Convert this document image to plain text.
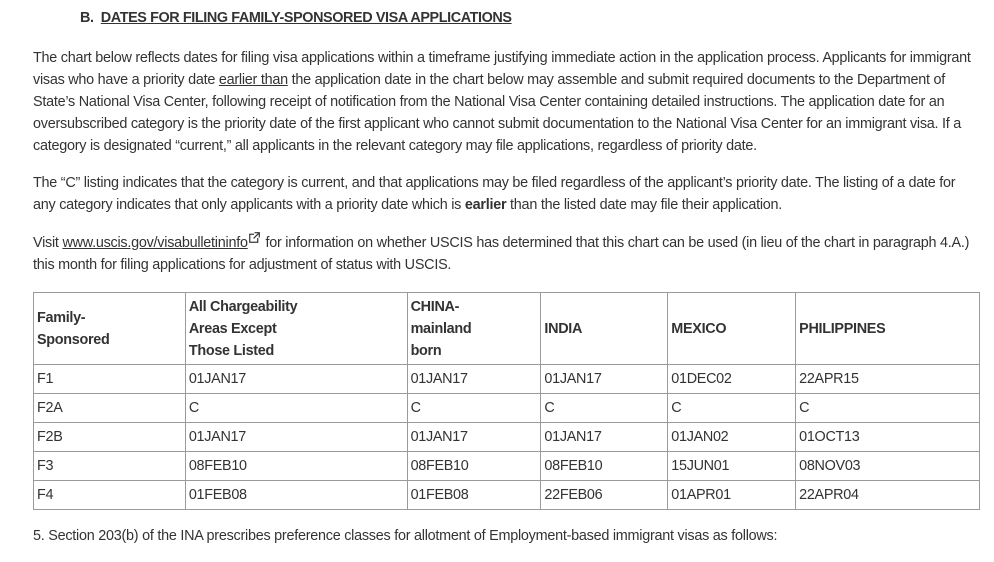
B. DATES FOR FILING FAMILY-SPONSORED VISA APPLICATIONS

The chart below reflects dates for filing visa applications within a timeframe justifying immediate action in the application process. Applicants for immigrant visas who have a priority date earlier than the application date in the chart below may assemble and submit required documents to the Department of State’s National Visa Center, following receipt of notification from the National Visa Center containing detailed instructions. The application date for an oversubscribed category is the priority date of the first applicant who cannot submit documentation to the National Visa Center for an immigrant visa. If a category is designated “current,” all applicants in the relevant category may file applications, regardless of priority date.

The “C” listing indicates that the category is current, and that applications may be filed regardless of the applicant’s priority date. The listing of a date for any category indicates that only applicants with a priority date which is earlier than the listed date may file their application.

Visit www.uscis.gov/visabulletininfo for information on whether USCIS has determined that this chart can be used (in lieu of the chart in paragraph 4.A.) this month for filing applications for adjustment of status with USCIS.

Family-
Sponsored	All Chargeability
Areas Except
Those Listed	CHINA-
mainland
born	INDIA	MEXICO	PHILIPPINES
F1	01JAN17	01JAN17	01JAN17	01DEC02	22APR15
F2A	C	C	C	C	C
F2B	01JAN17	01JAN17	01JAN17	01JAN02	01OCT13
F3	08FEB10	08FEB10	08FEB10	15JUN01	08NOV03
F4	01FEB08	01FEB08	22FEB06	01APR01	22APR04
5. Section 203(b) of the INA prescribes preference classes for allotment of Employment-based immigrant visas as follows:
